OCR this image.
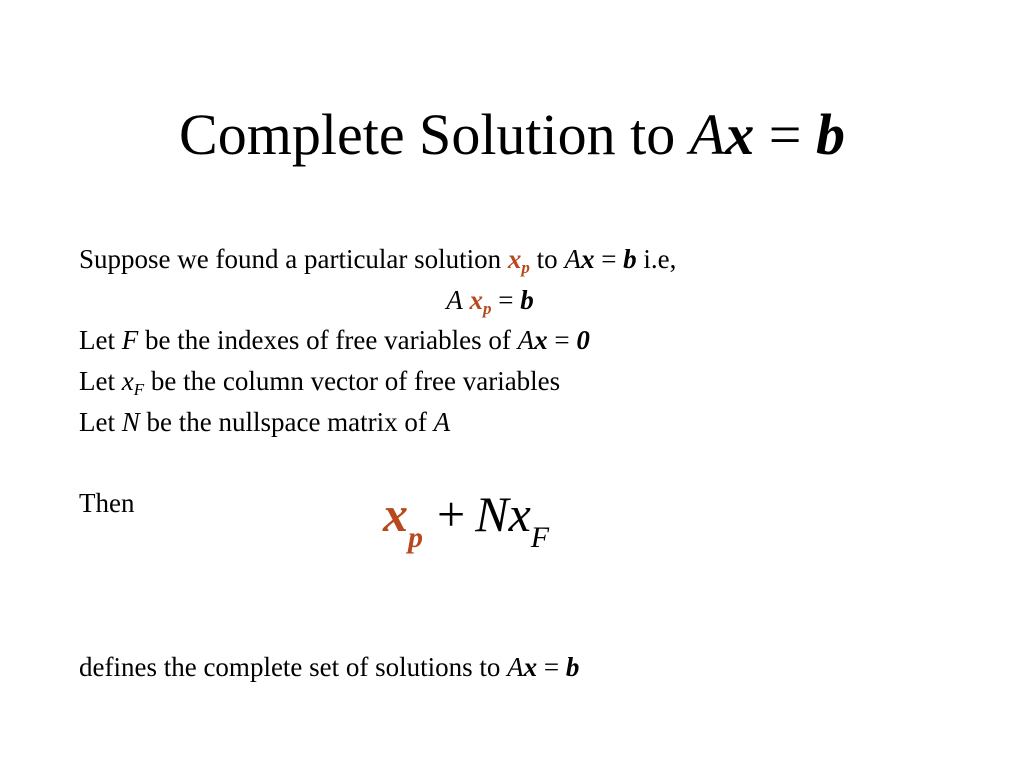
Complete Solution to Ax = b
Suppose we found a particular solution $x_p$ to Ax = b i.e,
A $x_p = b$
Let F be the indexes of free variables of Ax = 0
Let $x_F$ be the column vector of free variables
Let N be the nullspace matrix of A
Then	$x_p + Nx_F$
defines the complete set of solutions to Ax = b
